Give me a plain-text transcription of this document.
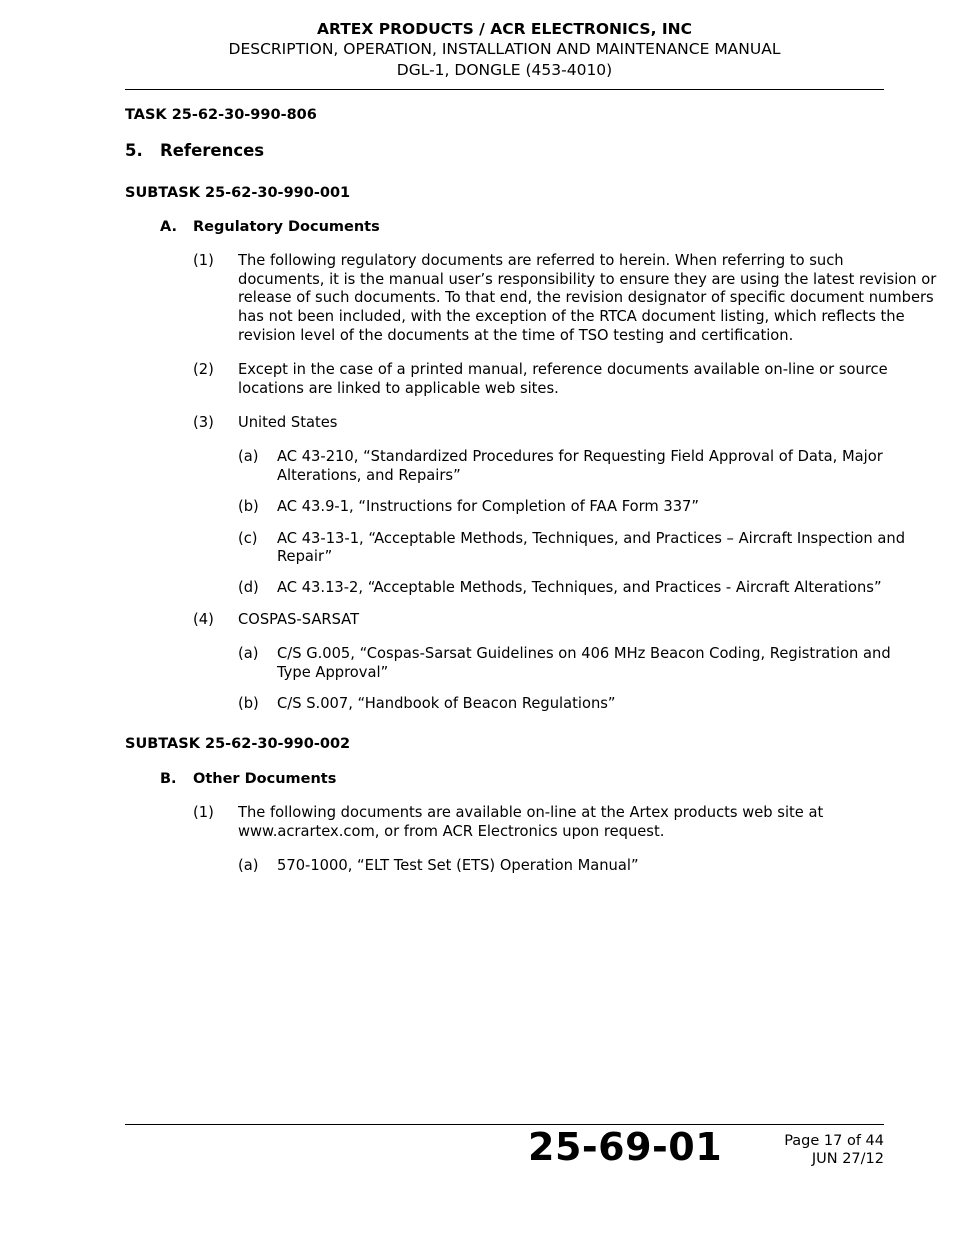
ARTEX PRODUCTS / ACR ELECTRONICS, INC
DESCRIPTION, OPERATION, INSTALLATION AND MAINTENANCE MANUAL
DGL-1, DONGLE (453-4010)
TASK 25-62-30-990-806
5. References
SUBTASK 25-62-30-990-001
A. Regulatory Documents
(1) The following regulatory documents are referred to herein. When referring to such
documents, it is the manual user’s responsibility to ensure they are using the latest revision or
release of such documents. To that end, the revision designator of specific document numbers
has not been included, with the exception of the RTCA document listing, which reflects the
revision level of the documents at the time of TSO testing and certification.
(2) Except in the case of a printed manual, reference documents available on-line or source
locations are linked to applicable web sites.
(3) United States
(a) AC 43-210, “Standardized Procedures for Requesting Field Approval of Data, Major
Alterations, and Repairs”
(b) AC 43.9-1, “Instructions for Completion of FAA Form 337”
(c) AC 43-13-1, “Acceptable Methods, Techniques, and Practices – Aircraft Inspection and
Repair”
(d) AC 43.13-2, “Acceptable Methods, Techniques, and Practices - Aircraft Alterations”
(4) COSPAS-SARSAT
(a) C/S G.005, “Cospas-Sarsat Guidelines on 406 MHz Beacon Coding, Registration and
Type Approval”
(b) C/S S.007, “Handbook of Beacon Regulations”
SUBTASK 25-62-30-990-002
B. Other Documents
(1) The following documents are available on-line at the Artex products web site at
www.acrartex.com, or from ACR Electronics upon request.
(a) 570-1000, “ELT Test Set (ETS) Operation Manual”
25-69-01	Page 17 of 44
JUN 27/12
